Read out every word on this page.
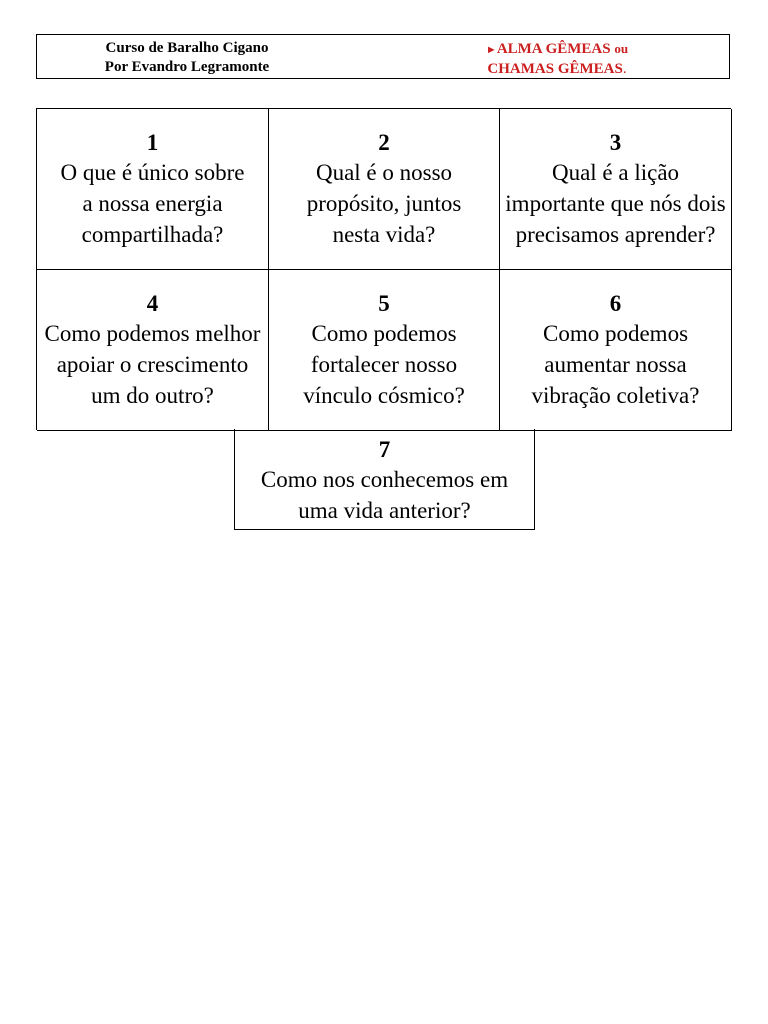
Curso de Baralho Cigano
Por Evandro Legramonte
►ALMA GÊMEAS ou
CHAMAS GÊMEAS.
1
O que é único sobre a nossa energia compartilhada?
2
Qual é o nosso propósito, juntos nesta vida?
3
Qual é a lição importante que nós dois precisamos aprender?
4
Como podemos melhor apoiar o crescimento um do outro?
5
Como podemos fortalecer nosso vínculo cósmico?
6
Como podemos aumentar nossa vibração coletiva?
7
Como nos conhecemos em uma vida anterior?
